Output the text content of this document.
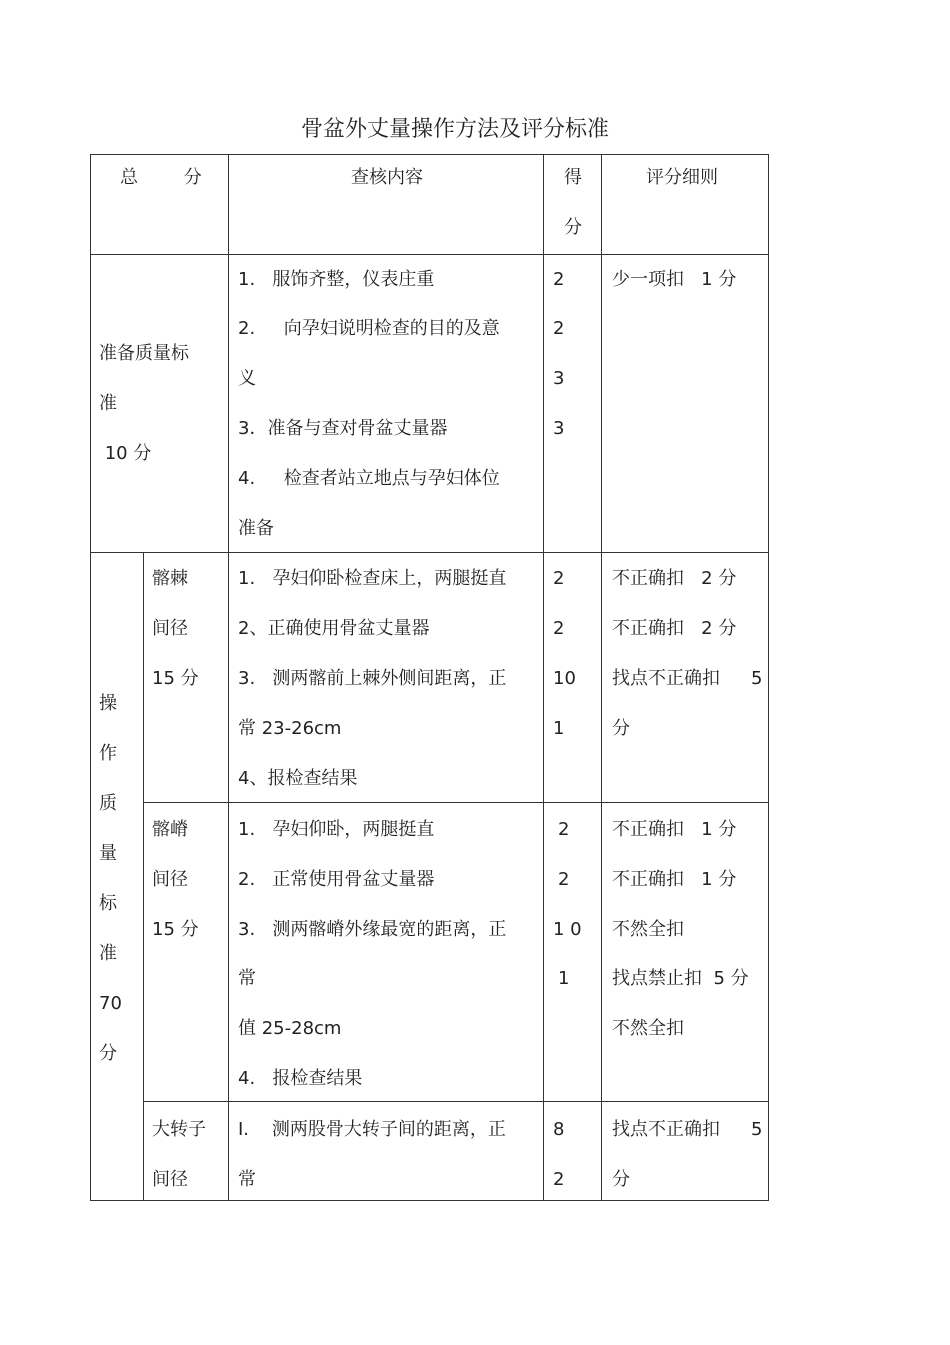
骨盆外丈量操作方法及评分标准
总        分	查核内容	得
分
评分细则
准备质量标
准
10 分
1.   服饰齐整，仪表庄重
2.     向孕妇说明检查的目的及意
义
3．准备与查对骨盆丈量器
4.     检查者站立地点与孕妇体位
准备
2
2
3
3
少一项扣   1 分
操
作
质
量
标
准
70
分
髂棘
间径
15 分
1.   孕妇仰卧检查床上，两腿挺直
2、正确使用骨盆丈量器
3.   测两髂前上棘外侧间距离，正
常 23-26cm
4、报检查结果
2
2
10
1
不正确扣   2 分
不正确扣   2 分
找点不正确扣 5
分
髂嵴
间径
15 分
1.   孕妇仰卧，两腿挺直
2.   正常使用骨盆丈量器
3.   测两髂嵴外缘最宽的距离，正
常
值 25-28cm
4.   报检查结果
2
2
1 0
1
不正确扣   1 分
不正确扣   1 分
不然全扣
找点禁止扣  5 分
不然全扣
大转子
间径
I.    测两股骨大转子间的距离，正
常
8
2
找点不正确扣 5
分
